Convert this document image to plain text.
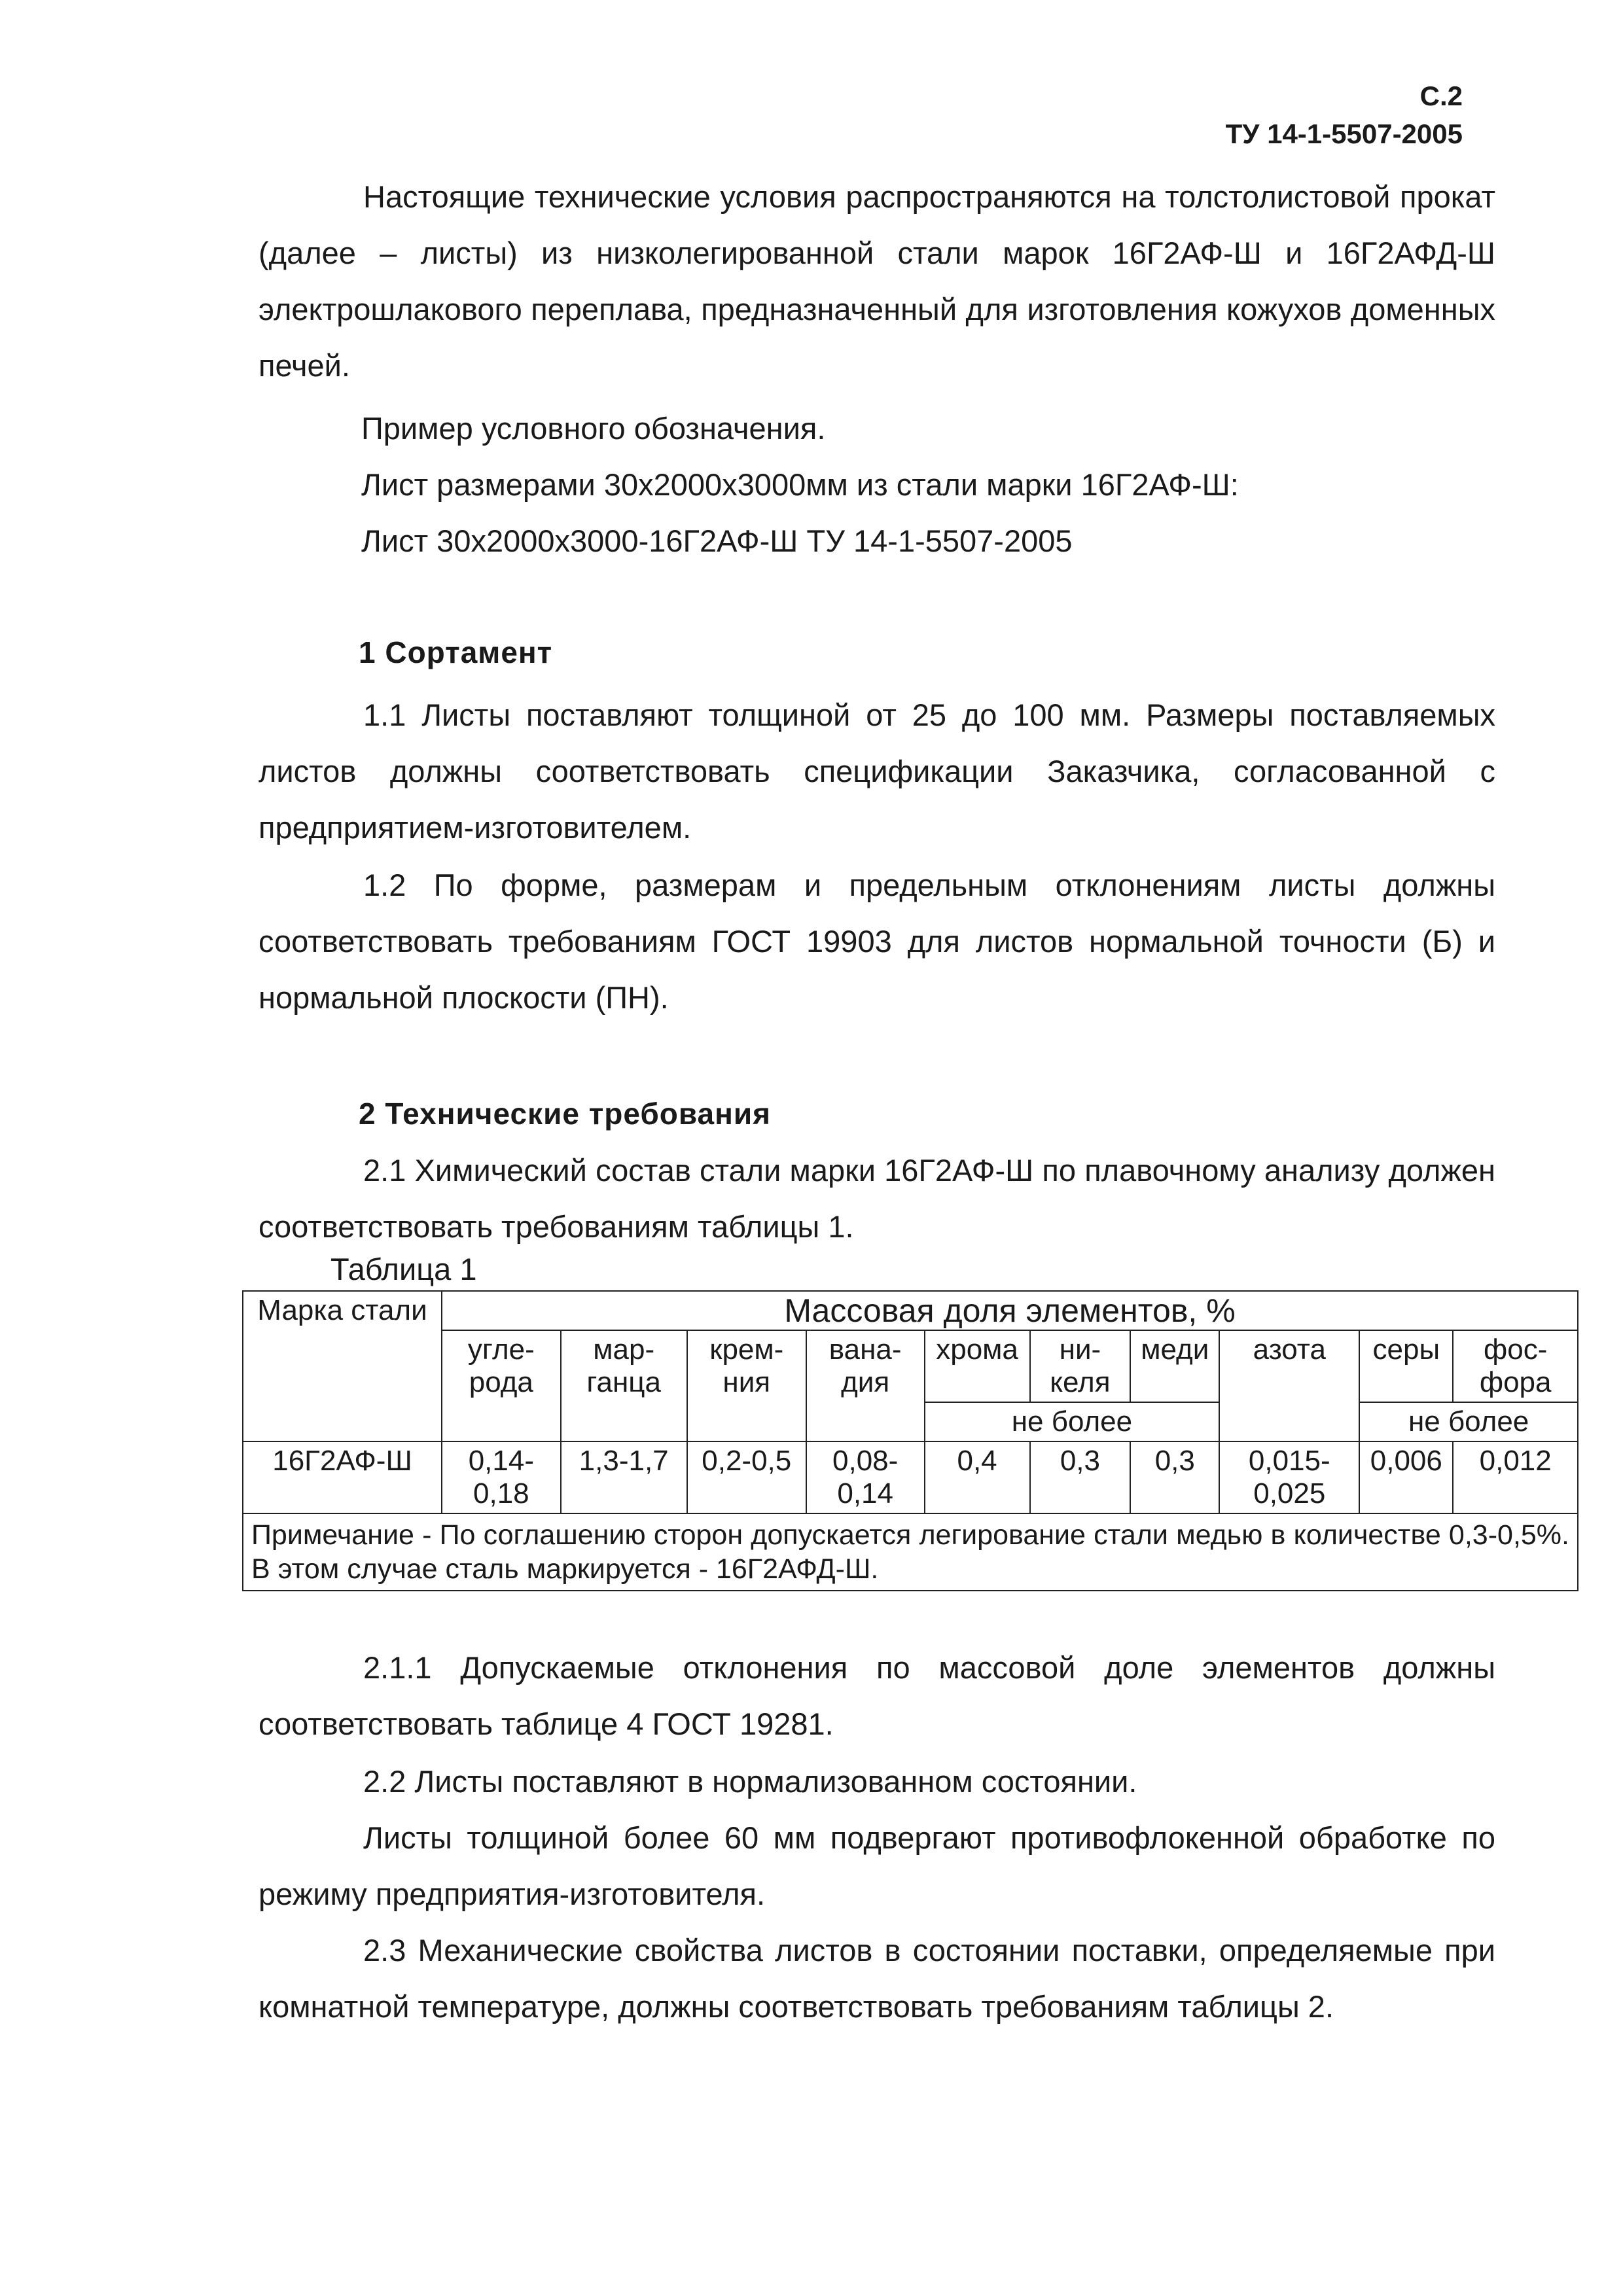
С.2
ТУ 14-1-5507-2005
Настоящие технические условия распространяются на толстолистовой прокат (далее – листы) из низколегированной стали марок 16Г2АФ-Ш и 16Г2АФД-Ш электрошлакового переплава, предназначенный для изготовления кожухов доменных печей.
Пример условного обозначения.
Лист размерами 30х2000х3000мм из стали марки 16Г2АФ-Ш:
Лист 30х2000х3000-16Г2АФ-Ш ТУ 14-1-5507-2005
1 Сортамент
1.1 Листы поставляют толщиной от 25 до 100 мм. Размеры поставляемых листов должны соответствовать спецификации Заказчика, согласованной с предприятием-изготовителем.
1.2 По форме, размерам и предельным отклонениям листы должны соответствовать требованиям ГОСТ 19903 для листов нормальной точности (Б) и нормальной плоскости (ПН).
2 Технические требования
2.1 Химический состав стали марки 16Г2АФ-Ш по плавочному анализу должен соответствовать требованиям таблицы 1.
Таблица 1
Марка стали	Массовая доля элементов, %									
	угле-рода	мар-ганца	крем-ния	вана-дия	хрома	ни-келя	меди	азота	серы	фос-фора
					не более				не более	
16Г2АФ-Ш	0,14-0,18	1,3-1,7	0,2-0,5	0,08-0,14	0,4	0,3	0,3	0,015-0,025	0,006	0,012
Примечание - По соглашению сторон допускается легирование стали медью в количестве 0,3-0,5%. В этом случае сталь маркируется - 16Г2АФД-Ш.										
2.1.1 Допускаемые отклонения по массовой доле элементов должны соответствовать таблице 4 ГОСТ 19281.
2.2 Листы поставляют в нормализованном состоянии.
Листы толщиной более 60 мм подвергают противофлокенной обработке по режиму предприятия-изготовителя.
2.3 Механические свойства листов в состоянии поставки, определяемые при комнатной температуре, должны соответствовать требованиям таблицы 2.
